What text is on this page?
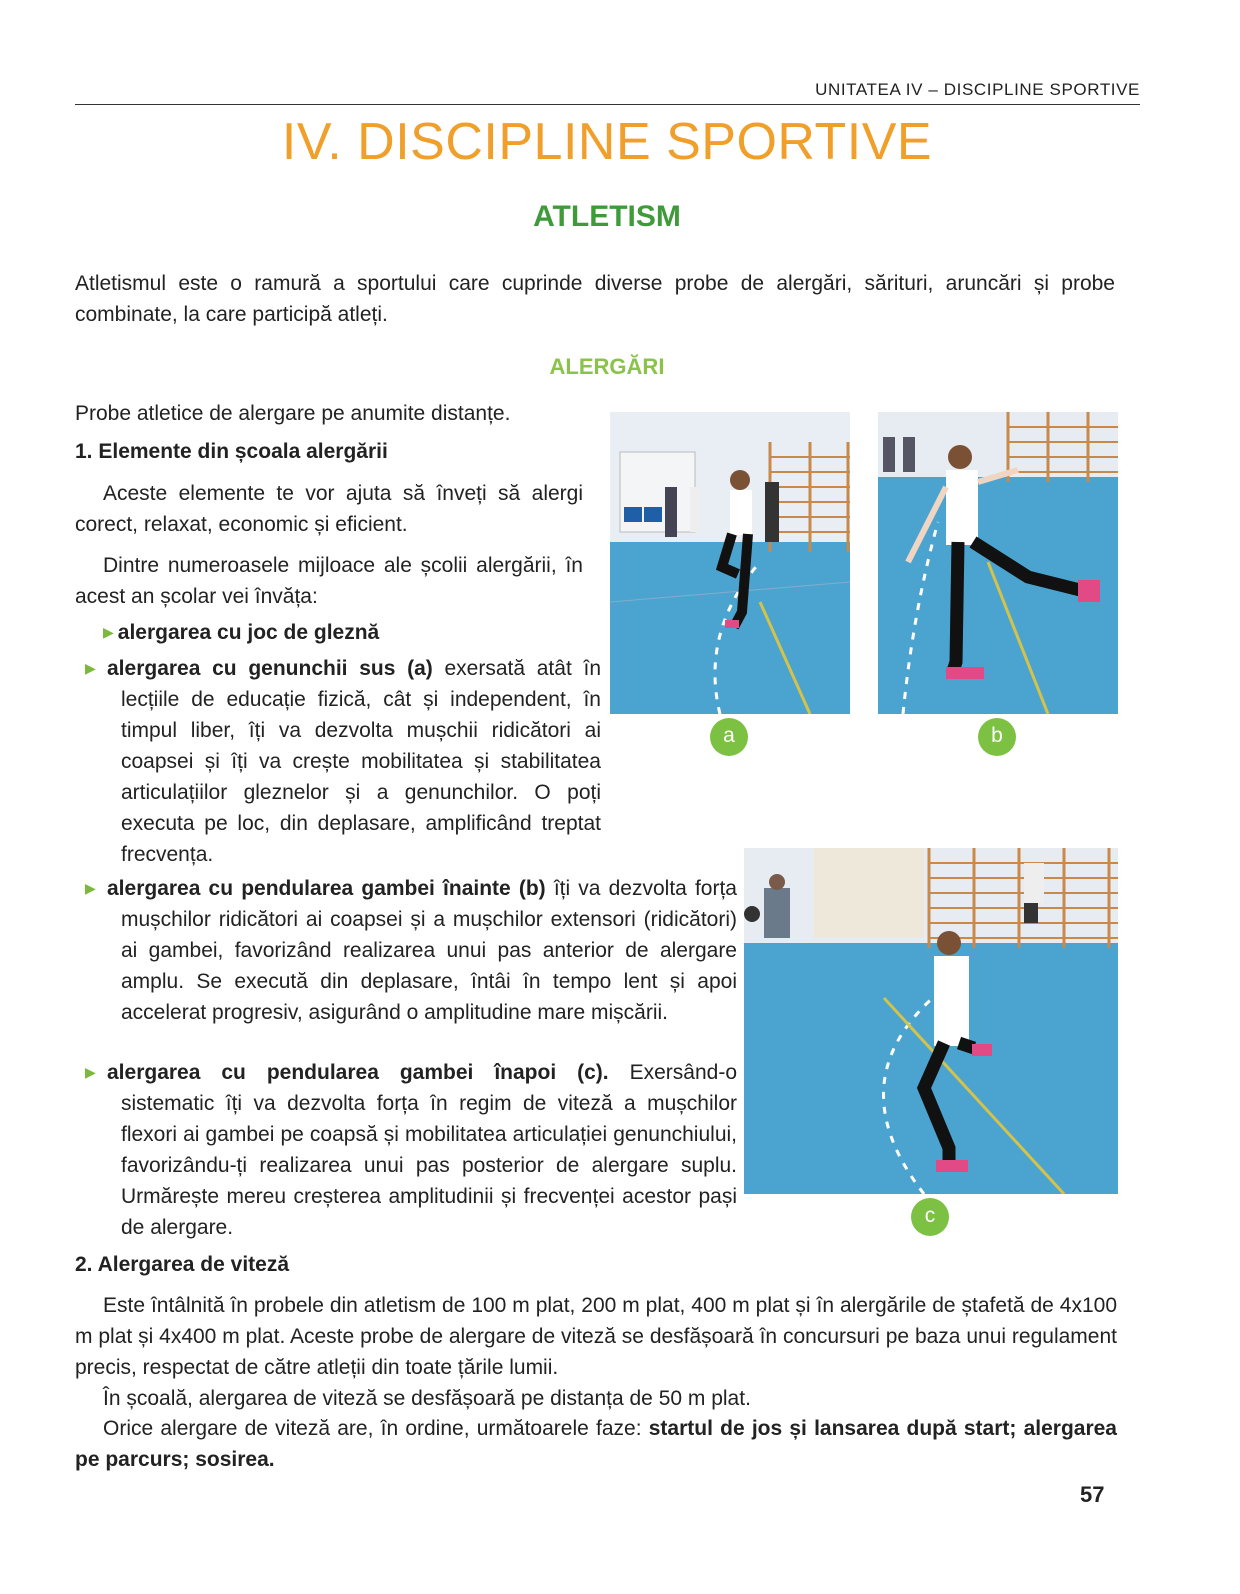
UNITATEA IV – DISCIPLINE SPORTIVE
IV. DISCIPLINE SPORTIVE
ATLETISM
Atletismul este o ramură a sportului care cuprinde diverse probe de alergări, sărituri, aruncări și probe combinate, la care participă atleți.
ALERGĂRI
Probe atletice de alergare pe anumite distanțe.
1. Elemente din școala alergării
Aceste elemente te vor ajuta să înveți să alergi corect, relaxat, economic și eficient.
Dintre numeroasele mijloace ale școlii alergării, în acest an școlar vei învăța:
▶ alergarea cu joc de gleznă
▶ alergarea cu genunchii sus (a) exersată atât în lecțiile de educație fizică, cât și independent, în timpul liber, îți va dezvolta mușchii ridicători ai coapsei și îți va crește mobilitatea și stabilitatea articulațiilor gleznelor și a genunchilor. O poți executa pe loc, din deplasare, amplificând treptat frecvența.
▶ alergarea cu pendularea gambei înainte (b) îți va dezvolta forța mușchilor ridicători ai coapsei și a mușchilor extensori (ridicători) ai gambei, favorizând realizarea unui pas anterior de alergare amplu. Se execută din deplasare, întâi în tempo lent și apoi accelerat progresiv, asigurând o amplitudine mare mișcării.
▶ alergarea cu pendularea gambei înapoi (c). Exersând-o sistematic îți va dezvolta forța în regim de viteză a mușchilor flexori ai gambei pe coapsă și mobilitatea articulației genunchiului, favorizându-ți realizarea unui pas posterior de alergare suplu. Urmărește mereu creșterea amplitudinii și frecvenței acestor pași de alergare.
2. Alergarea de viteză
Este întâlnită în probele din atletism de 100 m plat, 200 m plat, 400 m plat și în alergările de ștafetă de 4x100 m plat și 4x400 m plat. Aceste probe de alergare de viteză se desfășoară în concursuri pe baza unui regulament precis, respectat de către atleții din toate țările lumii.
În școală, alergarea de viteză se desfășoară pe distanța de 50 m plat.
Orice alergare de viteză are, în ordine, următoarele faze: startul de jos și lansarea după start; alergarea pe parcurs; sosirea.
a	b
c
57
